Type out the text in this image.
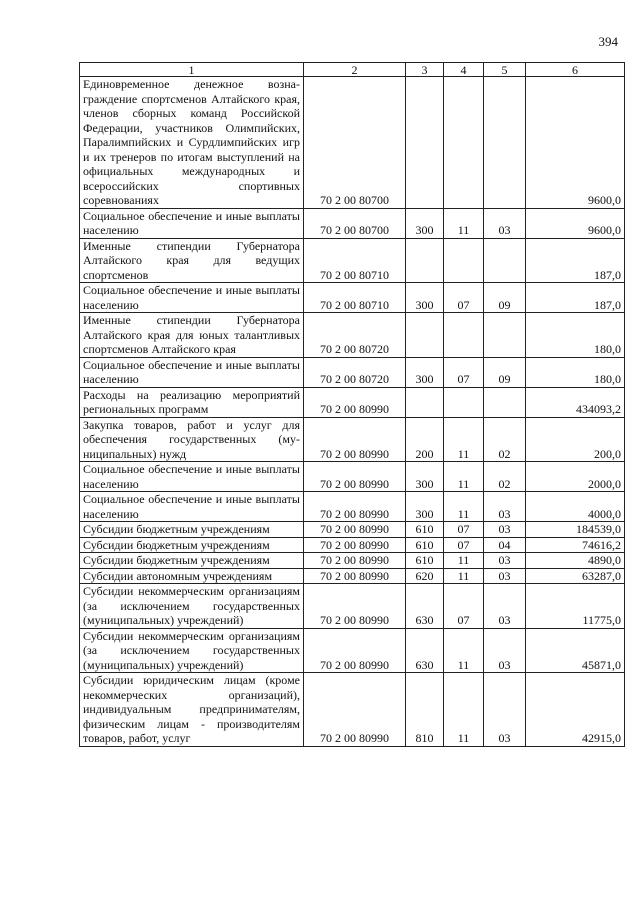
394
1	2	3	4	5	6
Единовременное денежное вознаграждение спортсменов Алтайского края, членов сборных команд Российской Федерации, участников Олимпийских, Паралимпийских и Сурдлимпийских игр и их тренеров по итогам выступлений на официальных международных и всероссийских спортивных соревнованиях	70 2 00 80700				9600,0
Социальное обеспечение и иные выплаты населению	70 2 00 80700	300	11	03	9600,0
Именные стипендии Губернатора Алтайского края для ведущих спортсменов	70 2 00 80710				187,0
Социальное обеспечение и иные выплаты населению	70 2 00 80710	300	07	09	187,0
Именные стипендии Губернатора Алтайского края для юных талантливых спортсменов Алтайского края	70 2 00 80720				180,0
Социальное обеспечение и иные выплаты населению	70 2 00 80720	300	07	09	180,0
Расходы на реализацию мероприятий региональных программ	70 2 00 80990				434093,2
Закупка товаров, работ и услуг для обеспечения государственных (муниципальных) нужд	70 2 00 80990	200	11	02	200,0
Социальное обеспечение и иные выплаты населению	70 2 00 80990	300	11	02	2000,0
Социальное обеспечение и иные выплаты населению	70 2 00 80990	300	11	03	4000,0
Субсидии бюджетным учреждениям	70 2 00 80990	610	07	03	184539,0
Субсидии бюджетным учреждениям	70 2 00 80990	610	07	04	74616,2
Субсидии бюджетным учреждениям	70 2 00 80990	610	11	03	4890,0
Субсидии автономным учреждениям	70 2 00 80990	620	11	03	63287,0
Субсидии некоммерческим организациям (за исключением государственных (муниципальных) учреждений)	70 2 00 80990	630	07	03	11775,0
Субсидии некоммерческим организациям (за исключением государственных (муниципальных) учреждений)	70 2 00 80990	630	11	03	45871,0
Субсидии юридическим лицам (кроме некоммерческих организаций), индивидуальным предпринимателям, физическим лицам - производителям товаров, работ, услуг	70 2 00 80990	810	11	03	42915,0
